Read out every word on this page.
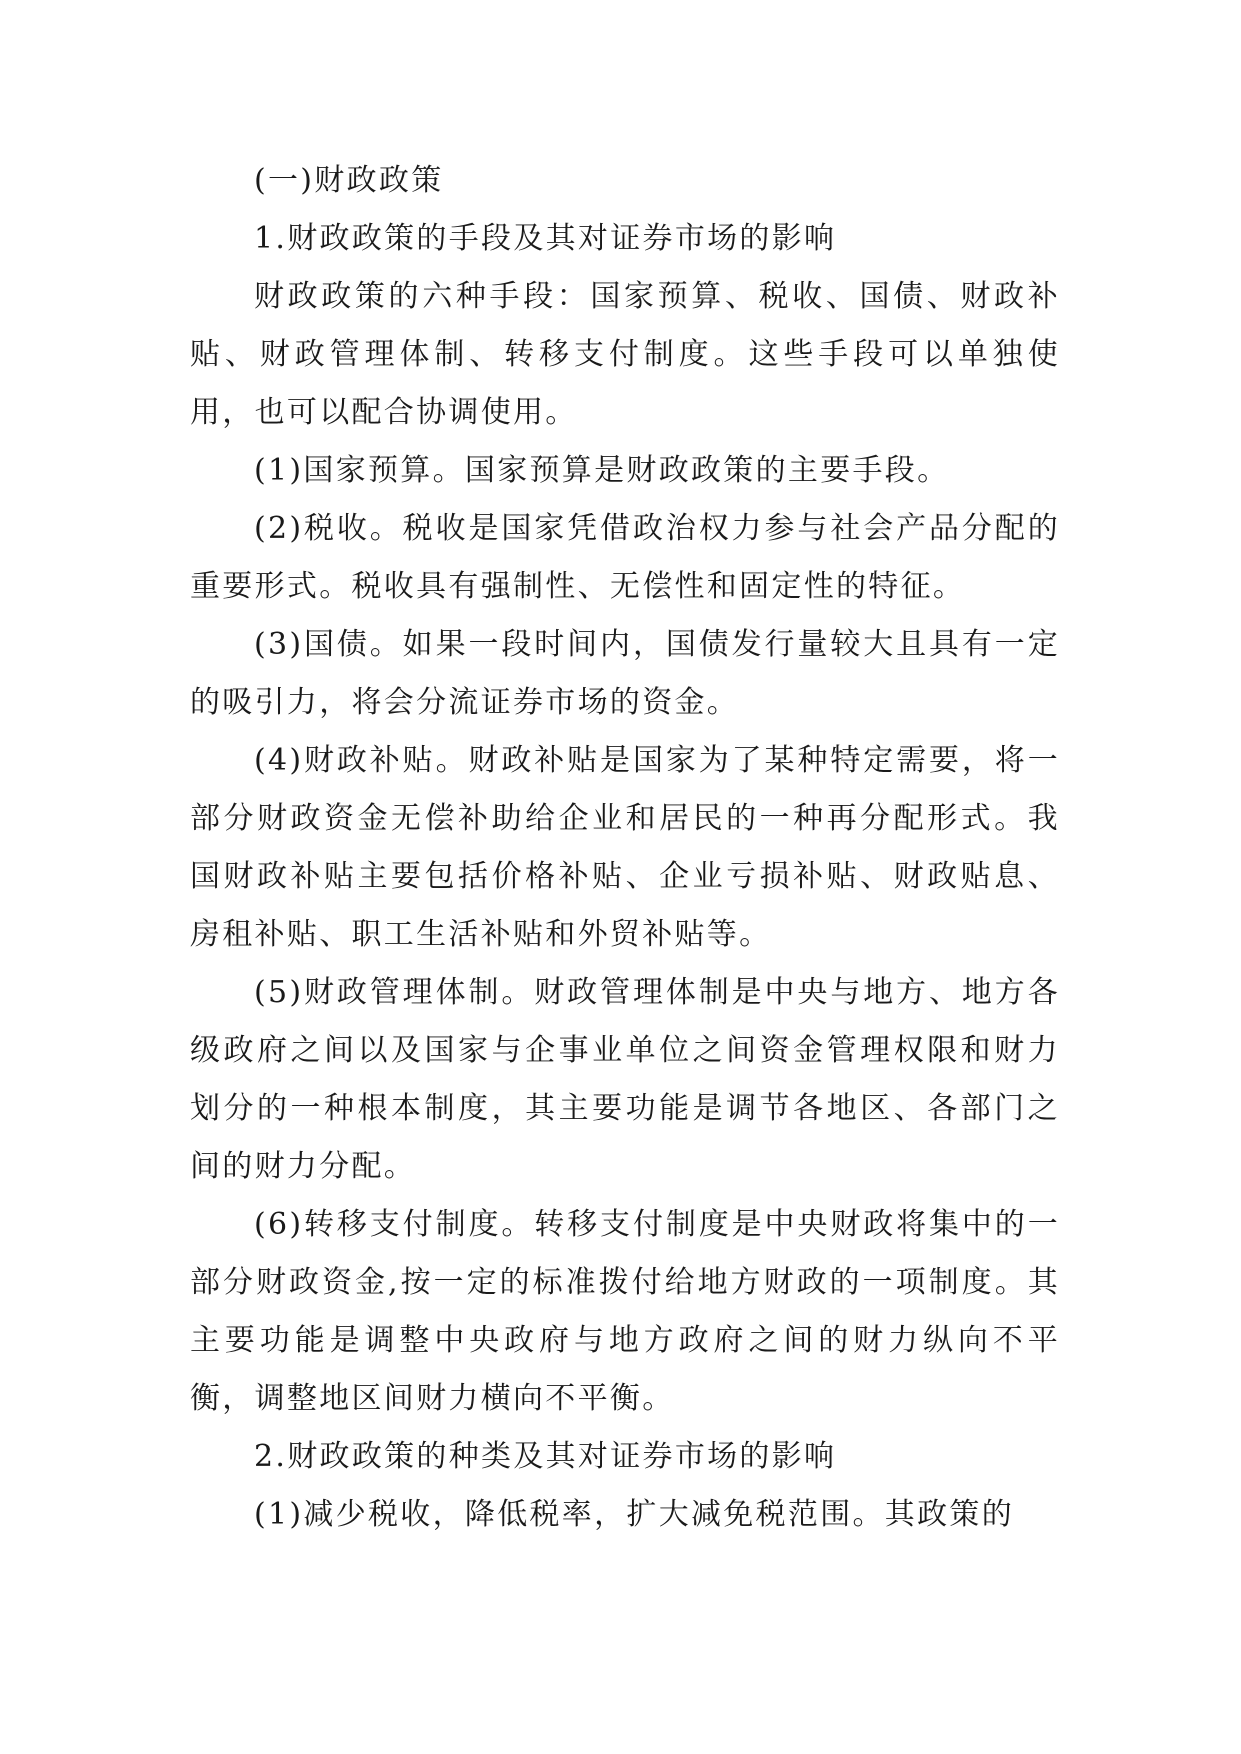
(一)财政政策

1.财政政策的手段及其对证券市场的影响

财政政策的六种手段：国家预算、税收、国债、财政补贴、财政管理体制、转移支付制度。这些手段可以单独使用，也可以配合协调使用。

(1)国家预算。国家预算是财政政策的主要手段。

(2)税收。税收是国家凭借政治权力参与社会产品分配的重要形式。税收具有强制性、无偿性和固定性的特征。

(3)国债。如果一段时间内，国债发行量较大且具有一定的吸引力，将会分流证券市场的资金。

(4)财政补贴。财政补贴是国家为了某种特定需要，将一部分财政资金无偿补助给企业和居民的一种再分配形式。我国财政补贴主要包括价格补贴、企业亏损补贴、财政贴息、房租补贴、职工生活补贴和外贸补贴等。

(5)财政管理体制。财政管理体制是中央与地方、地方各级政府之间以及国家与企事业单位之间资金管理权限和财力划分的一种根本制度，其主要功能是调节各地区、各部门之间的财力分配。

(6)转移支付制度。转移支付制度是中央财政将集中的一部分财政资金,按一定的标准拨付给地方财政的一项制度。其主要功能是调整中央政府与地方政府之间的财力纵向不平衡，调整地区间财力横向不平衡。

2.财政政策的种类及其对证券市场的影响

(1)减少税收，降低税率，扩大减免税范围。其政策的
